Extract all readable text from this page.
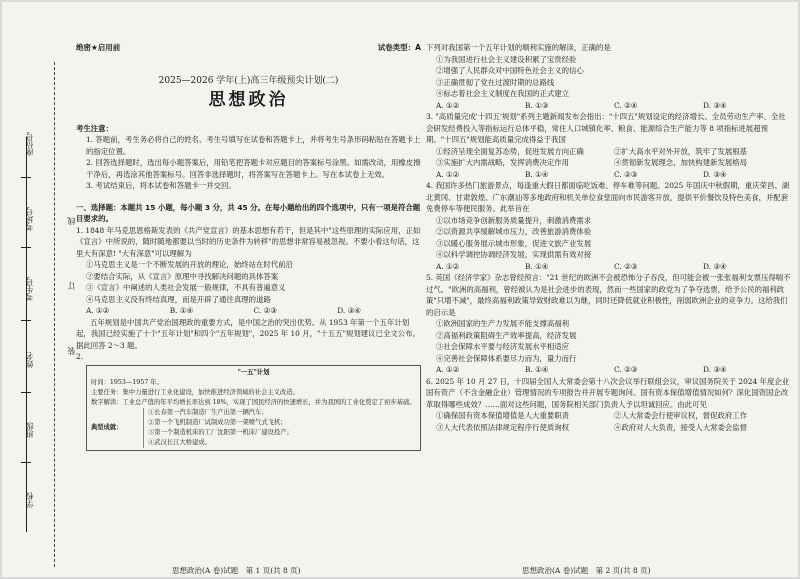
座位号
考场号
考生号
姓名
班级
学校
线
订
装
绝密★启用前	试卷类型：A
2025—2026 学年(上)高三年级预尖计划(二)
思想政治

考生注意：

1. 答题前，考生务必将自己的姓名、考生号填写在试卷和答题卡上，并将考生号条形码粘贴在答题卡上的指定位置。

2. 回答选择题时，选出每小题答案后，用铅笔把答题卡对应题目的答案标号涂黑。如需改动，用橡皮擦干净后，再选涂其他答案标号。回答非选择题时，将答案写在答题卡上。写在本试卷上无效。

3. 考试结束后，将本试卷和答题卡一并交回。

一、选择题：本题共 15 小题，每小题 3 分，共 45 分。在每小题给出的四个选项中，只有一项是符合题目要求的。

1. 1848 年马克思恩格斯发表的《共产党宣言》的基本思想有若干，但是其中"这些原理的实际应用，正如《宣言》中所说的，随时随地都要以当时的历史条件为转移"的思想非常容易被忽视。不要小看这句话，这里大有深意! "大有深意"可以理解为

①马克思主义是一个不断发展的开放的理论，始终站在时代前沿

②要结合实际，从《宣言》原理中寻找解决问题的具体答案

③《宣言》中阐述的人类社会发展一般规律，不具有普遍意义

④马克思主义没有终结真理，而是开辟了通往真理的道路

A. ①②	B. ①④	C. ②③	D. ③④

五年规划是中国共产党治国理政的重要方式，是中国之治的突出优势。从 1953 年第一个五年计划起，我国已经实施了十个"五年计划"和四个"五年规划"，2025 年 10 月，"十五五"规划建议已全文公布。据此回答 2～3 题。

2.

"一五"计划
时间：1953—1957 年。
主要任务：集中力量进行工业化建设，加快推进经济领域的社会主义改造。
数字解读：工业总产值的年平均增长率达到 18%，实现了国民经济的快速增长，并为我国的工业化奠定了初步基础。
典型成就：
①长春第一汽车制造厂生产出第一辆汽车；
②第一个飞机制造厂试制成功第一架喷气式飞机；
③第一个制造机床的工厂沈阳第一机床厂建设投产；
④武汉长江大桥建成。

下列对我国第一个五年计划的顺利实施的解读，正确的是

①为我国进行社会主义建设积累了宝贵经验

②增强了人民群众对中国特色社会主义的信心

③正确贯彻了党在过渡时期的总路线

④标志着社会主义制度在我国的正式建立

A. ①②	B. ①③	C. ②④	D. ③④

3. "高质量完成'十四五'规划"系列主题新闻发布会指出："十四五"规划设定的经济增长、全员劳动生产率、全社会研发经费投入等指标运行总体平稳，常住人口城镇化率、粮食、能源综合生产能力等 8 项指标进展超预期。"十四五"规划能高质量完成得益于我国

①经济呈现全面复苏态势，促进发展方向正确	②扩大高水平对外开放，筑牢了发展根基
③实施扩大内需战略，发挥消费决定作用	④贯彻新发展理念，加快构建新发展格局
A. ①②	B. ①④	C. ②③	D. ③④

4. 我国许多热门旅游景点，每逢重大假日都面临吃饭难、停车难等问题。2025 年国庆中秋假期，重庆荣昌、湖北黄冈、甘肃敦煌、广东潮汕等多地政府和机关单位食堂面向市民游客开放，提供平价餐饮及特色美食，并配套免费停车等便民服务。此举旨在

①以市场竞争创新服务质量提升，刺激消费需求

②以资源共享缓解城市压力，改善旅游消费体验

③以暖心服务展示城市形象，促进文旅产业发展

④以科学调控协调经济发展，实现供需有效对接

A. ①②	B. ①④	C. ②③	D. ③④

5. 英国《经济学家》杂志曾经预言："21 世纪的欧洲不会被恐怖分子吞没，但可能会被一张张福利支票压得喘不过气。"欧洲的高福利，曾经被认为是社会进步的表现，然而一些国家的政党为了争夺选票，给予公民的福利政策"只增不减"，最终高福利政策导致财政难以为继，同时还降低就业积极性，削弱欧洲企业的竞争力。这给我们的启示是

①欧洲国家的生产力发展不能支撑高福利

②高福利政策阻碍生产效率提高，经济发展

③社会保障水平要与经济发展水平相适应

④完善社会保障体系要尽力而为，量力而行

A. ①②	B. ①④	C. ②③	D. ③④

6. 2025 年 10 月 27 日，十四届全国人大常委会第十八次会议举行联组会议，审议国务院关于 2024 年度企业国有资产（不含金融企业）管理情况的专项报告并开展专题询问。国有资本保值增值情况如何？深化国资国企改革取得哪些成效？……面对这些问题，国务院相关部门负责人予以坦诚回应。由此可见

①确保国有资本保值增值是人大重要职责	②人大常委会行使审议权，督促政府工作
③人大代表依照法律规定程序行使质询权	④政府对人大负责，接受人大常委会监督
思想政治(A 卷)试题　第 1 页(共 8 页)	思想政治(A 卷)试题　第 2 页(共 8 页)
